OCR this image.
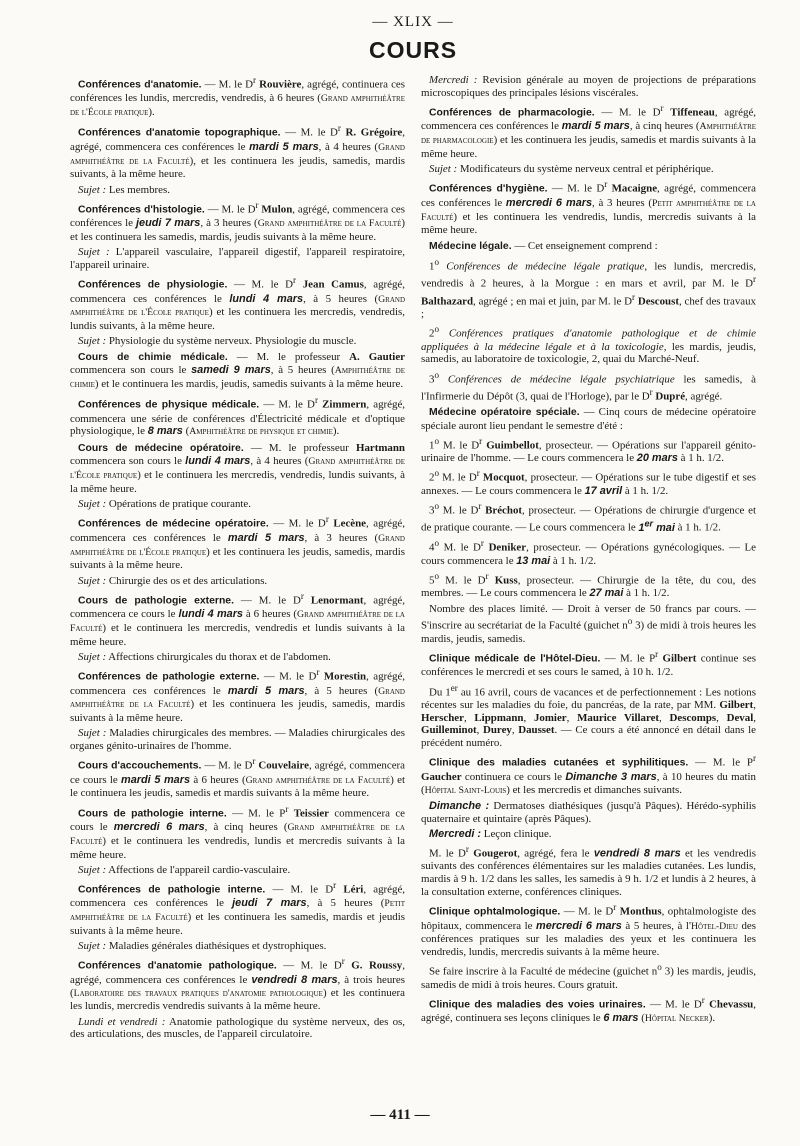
— XLIX —
COURS

Conférences d'anatomie. — M. le $D^r$ Rouvière, agrégé, continuera ces conférences les lundis, mercredis, vendredis, à 6 heures (Grand amphithéâtre de l'École pratique).

Conférences d'anatomie topographique. — M. le $D^r$ R. Grégoire, agrégé, commencera ces conférences le mardi 5 mars, à 4 heures (Grand amphithéâtre de la Faculté), et les continuera les jeudis, samedis, mardis suivants, à la même heure.

Sujet : Les membres.

Conférences d'histologie. — M. le $D^r$ Mulon, agrégé, commencera ces conférences le jeudi 7 mars, à 3 heures (Grand amphithéâtre de la Faculté) et les continuera les samedis, mardis, jeudis suivants à la même heure.

Sujet : L'appareil vasculaire, l'appareil digestif, l'appareil respiratoire, l'appareil urinaire.

Conférences de physiologie. — M. le $D^r$ Jean Camus, agrégé, commencera ces conférences le lundi 4 mars, à 5 heures (Grand amphithéâtre de l'École pratique) et les continuera les mercredis, vendredis, lundis suivants, à la même heure.

Sujet : Physiologie du système nerveux. Physiologie du muscle.

Cours de chimie médicale. — M. le professeur A. Gautier commencera son cours le samedi 9 mars, à 5 heures (Amphithéâtre de chimie) et le continuera les mardis, jeudis, samedis suivants à la même heure.

Conférences de physique médicale. — M. le $D^r$ Zimmern, agrégé, commencera une série de conférences d'Électricité médicale et d'optique physiologique, le 8 mars (Amphithéâtre de physique et chimie).

Cours de médecine opératoire. — M. le professeur Hartmann commencera son cours le lundi 4 mars, à 4 heures (Grand amphithéâtre de l'École pratique) et le continuera les mercredis, vendredis, lundis suivants, à la même heure.

Sujet : Opérations de pratique courante.

Conférences de médecine opératoire. — M. le $D^r$ Lecène, agrégé, commencera ces conférences le mardi 5 mars, à 3 heures (Grand amphithéâtre de l'École pratique) et les continuera les jeudis, samedis, mardis suivants à la même heure.

Sujet : Chirurgie des os et des articulations.

Cours de pathologie externe. — M. le $D^r$ Lenormant, agrégé, commencera ce cours le lundi 4 mars à 6 heures (Grand amphithéâtre de la Faculté) et le continuera les mercredis, vendredis et lundis suivants à la même heure.

Sujet : Affections chirurgicales du thorax et de l'abdomen.

Conférences de pathologie externe. — M. le $D^r$ Morestin, agrégé, commencera ces conférences le mardi 5 mars, à 5 heures (Grand amphithéâtre de la Faculté) et les continuera les jeudis, samedis, mardis suivants à la même heure.

Sujet : Maladies chirurgicales des membres. — Maladies chirurgicales des organes génito-urinaires de l'homme.

Cours d'accouchements. — M. le $D^r$ Couvelaire, agrégé, commencera ce cours le mardi 5 mars à 6 heures (Grand amphithéâtre de la Faculté) et le continuera les jeudis, samedis et mardis suivants à la même heure.

Cours de pathologie interne. — M. le $P^r$ Teissier commencera ce cours le mercredi 6 mars, à cinq heures (Grand amphithéâtre de la Faculté) et le continuera les vendredis, lundis et mercredis suivants à la même heure.

Sujet : Affections de l'appareil cardio-vasculaire.

Conférences de pathologie interne. — M. le $D^r$ Léri, agrégé, commencera ces conférences le jeudi 7 mars, à 5 heures (Petit amphithéâtre de la Faculté) et les continuera les samedis, mardis et jeudis suivants à la même heure.

Sujet : Maladies générales diathésiques et dystrophiques.

Conférences d'anatomie pathologique. — M. le $D^r$ G. Roussy, agrégé, commencera ces conférences le vendredi 8 mars, à trois heures (Laboratoire des travaux pratiques d'anatomie pathologique) et les continuera les lundis, mercredis vendredis suivants à la même heure.

Lundi et vendredi : Anatomie pathologique du système nerveux, des os, des articulations, des muscles, de l'appareil circulatoire.

Mercredi : Revision générale au moyen de projections de préparations microscopiques des principales lésions viscérales.

Conférences de pharmacologie. — M. le $D^r$ Tiffeneau, agrégé, commencera ces conférences le mardi 5 mars, à cinq heures (Amphithéâtre de pharmacologie) et les continuera les jeudis, samedis et mardis suivants à la même heure.

Sujet : Modificateurs du système nerveux central et périphérique.

Conférences d'hygiène. — M. le $D^r$ Macaigne, agrégé, commencera ces conférences le mercredi 6 mars, à 3 heures (Petit amphithéâtre de la Faculté) et les continuera les vendredis, lundis, mercredis suivants à la même heure.

Médecine légale. — Cet enseignement comprend :

1$^o$ Conférences de médecine légale pratique, les lundis, mercredis, vendredis à 2 heures, à la Morgue : en mars et avril, par M. le $D^r$ Balthazard, agrégé ; en mai et juin, par M. le $D^r$ Descoust, chef des travaux ;

2$^o$ Conférences pratiques d'anatomie pathologique et de chimie appliquées à la médecine légale et à la toxicologie, les mardis, jeudis, samedis, au laboratoire de toxicologie, 2, quai du Marché-Neuf.

3$^o$ Conférences de médecine légale psychiatrique les samedis, à l'Infirmerie du Dépôt (3, quai de l'Horloge), par le $D^r$ Dupré, agrégé.

Médecine opératoire spéciale. — Cinq cours de médecine opératoire spéciale auront lieu pendant le semestre d'été :

1$^o$ M. le $D^r$ Guimbellot, prosecteur. — Opérations sur l'appareil génito-urinaire de l'homme. — Le cours commencera le 20 mars à 1 h. 1/2.

2$^o$ M. le $D^r$ Mocquot, prosecteur. — Opérations sur le tube digestif et ses annexes. — Le cours commencera le 17 avril à 1 h. 1/2.

3$^o$ M. le $D^r$ Bréchot, prosecteur. — Opérations de chirurgie d'urgence et de pratique courante. — Le cours commencera le 1er mai à 1 h. 1/2.

4$^o$ M. le $D^r$ Deniker, prosecteur. — Opérations gynécologiques. — Le cours commencera le 13 mai à 1 h. 1/2.

5$^o$ M. le $D^r$ Kuss, prosecteur. — Chirurgie de la tête, du cou, des membres. — Le cours commencera le 27 mai à 1 h. 1/2.

Nombre des places limité. — Droit à verser de 50 francs par cours. — S'inscrire au secrétariat de la Faculté (guichet $n^o$ 3) de midi à trois heures les mardis, jeudis, samedis.

Clinique médicale de l'Hôtel-Dieu. — M. le $P^r$ Gilbert continue ses conférences le mercredi et ses cours le samed, à 10 h. 1/2.

Du 1er au 16 avril, cours de vacances et de perfectionnement : Les notions récentes sur les maladies du foie, du pancréas, de la rate, par MM. Gilbert, Herscher, Lippmann, Jomier, Maurice Villaret, Descomps, Deval, Guilleminot, Durey, Dausset. — Ce cours a été annoncé en détail dans le précédent numéro.

Clinique des maladies cutanées et syphilitiques. — M. le $P^r$ Gaucher continuera ce cours le Dimanche 3 mars, à 10 heures du matin (Hôpital Saint-Louis) et les mercredis et dimanches suivants.

Dimanche : Dermatoses diathésiques (jusqu'à Pâques). Hérédo-syphilis quaternaire et quintaire (après Pâques).

Mercredi : Leçon clinique.

M. le $D^r$ Gougerot, agrégé, fera le vendredi 8 mars et les vendredis suivants des conférences élémentaires sur les maladies cutanées. Les lundis, mardis à 9 h. 1/2 dans les salles, les samedis à 9 h. 1/2 et lundis à 2 heures, à la consultation externe, conférences cliniques.

Clinique ophtalmologique. — M. le $D^r$ Monthus, ophtalmologiste des hôpitaux, commencera le mercredi 6 mars à 5 heures, à l'Hôtel-Dieu des conférences pratiques sur les maladies des yeux et les continuera les vendredis, lundis, mercredis suivants à la même heure.

Se faire inscrire à la Faculté de médecine (guichet $n^o$ 3) les mardis, jeudis, samedis de midi à trois heures. Cours gratuit.

Clinique des maladies des voies urinaires. — M. le $D^r$ Chevassu, agrégé, continuera ses leçons cliniques le 6 mars (Hôpital Necker).

— 411 —
